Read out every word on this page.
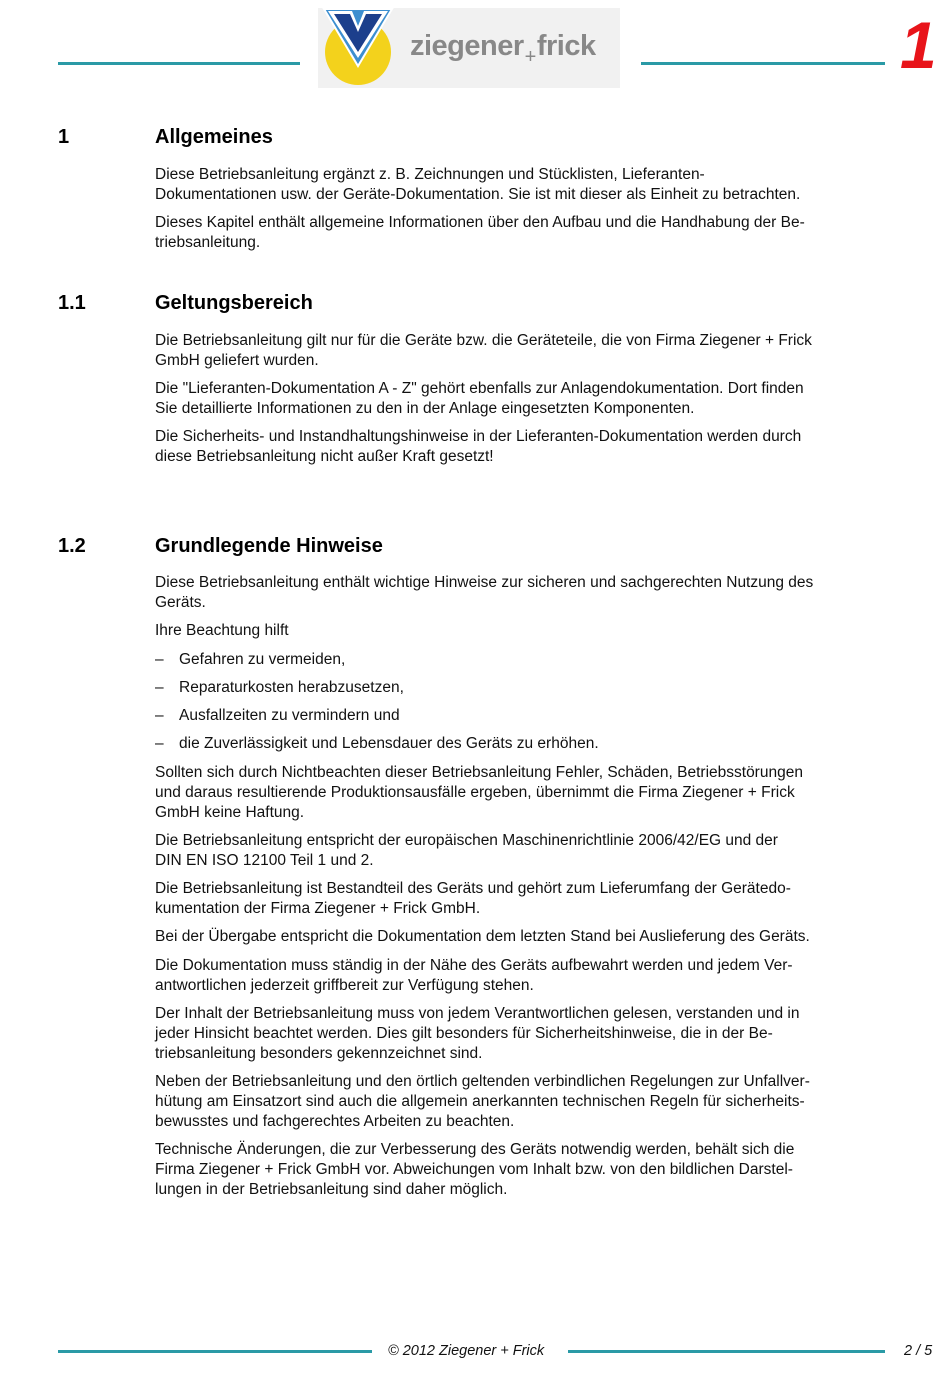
ziegener$_+$frick	1
1	Allgemeines
Diese Betriebsanleitung ergänzt z. B. Zeichnungen und Stücklisten, Lieferanten-
Dokumentationen usw. der Geräte-Dokumentation. Sie ist mit dieser als Einheit zu betrachten.
Dieses Kapitel enthält allgemeine Informationen über den Aufbau und die Handhabung der Be-
triebsanleitung.
1.1	Geltungsbereich
Die Betriebsanleitung gilt nur für die Geräte bzw. die Geräteteile, die von Firma Ziegener + Frick
GmbH geliefert wurden.
Die "Lieferanten-Dokumentation A - Z" gehört ebenfalls zur Anlagendokumentation. Dort finden
Sie detaillierte Informationen zu den in der Anlage eingesetzten Komponenten.
Die Sicherheits- und Instandhaltungshinweise in der Lieferanten-Dokumentation werden durch
diese Betriebsanleitung nicht außer Kraft gesetzt!
1.2	Grundlegende Hinweise
Diese Betriebsanleitung enthält wichtige Hinweise zur sicheren und sachgerechten Nutzung des
Geräts.
Ihre Beachtung hilft
– Gefahren zu vermeiden,
– Reparaturkosten herabzusetzen,
– Ausfallzeiten zu vermindern und
– die Zuverlässigkeit und Lebensdauer des Geräts zu erhöhen.
Sollten sich durch Nichtbeachten dieser Betriebsanleitung Fehler, Schäden, Betriebsstörungen
und daraus resultierende Produktionsausfälle ergeben, übernimmt die Firma Ziegener + Frick
GmbH keine Haftung.
Die Betriebsanleitung entspricht der europäischen Maschinenrichtlinie 2006/42/EG und der
DIN EN ISO 12100 Teil 1 und 2.
Die Betriebsanleitung ist Bestandteil des Geräts und gehört zum Lieferumfang der Gerätedo-
kumentation der Firma Ziegener + Frick GmbH.
Bei der Übergabe entspricht die Dokumentation dem letzten Stand bei Auslieferung des Geräts.
Die Dokumentation muss ständig in der Nähe des Geräts aufbewahrt werden und jedem Ver-
antwortlichen jederzeit griffbereit zur Verfügung stehen.
Der Inhalt der Betriebsanleitung muss von jedem Verantwortlichen gelesen, verstanden und in
jeder Hinsicht beachtet werden. Dies gilt besonders für Sicherheitshinweise, die in der Be-
triebsanleitung besonders gekennzeichnet sind.
Neben der Betriebsanleitung und den örtlich geltenden verbindlichen Regelungen zur Unfallver-
hütung am Einsatzort sind auch die allgemein anerkannten technischen Regeln für sicherheits-
bewusstes und fachgerechtes Arbeiten zu beachten.
Technische Änderungen, die zur Verbesserung des Geräts notwendig werden, behält sich die
Firma Ziegener + Frick GmbH vor. Abweichungen vom Inhalt bzw. von den bildlichen Darstel-
lungen in der Betriebsanleitung sind daher möglich.
© 2012 Ziegener + Frick	2 / 5
